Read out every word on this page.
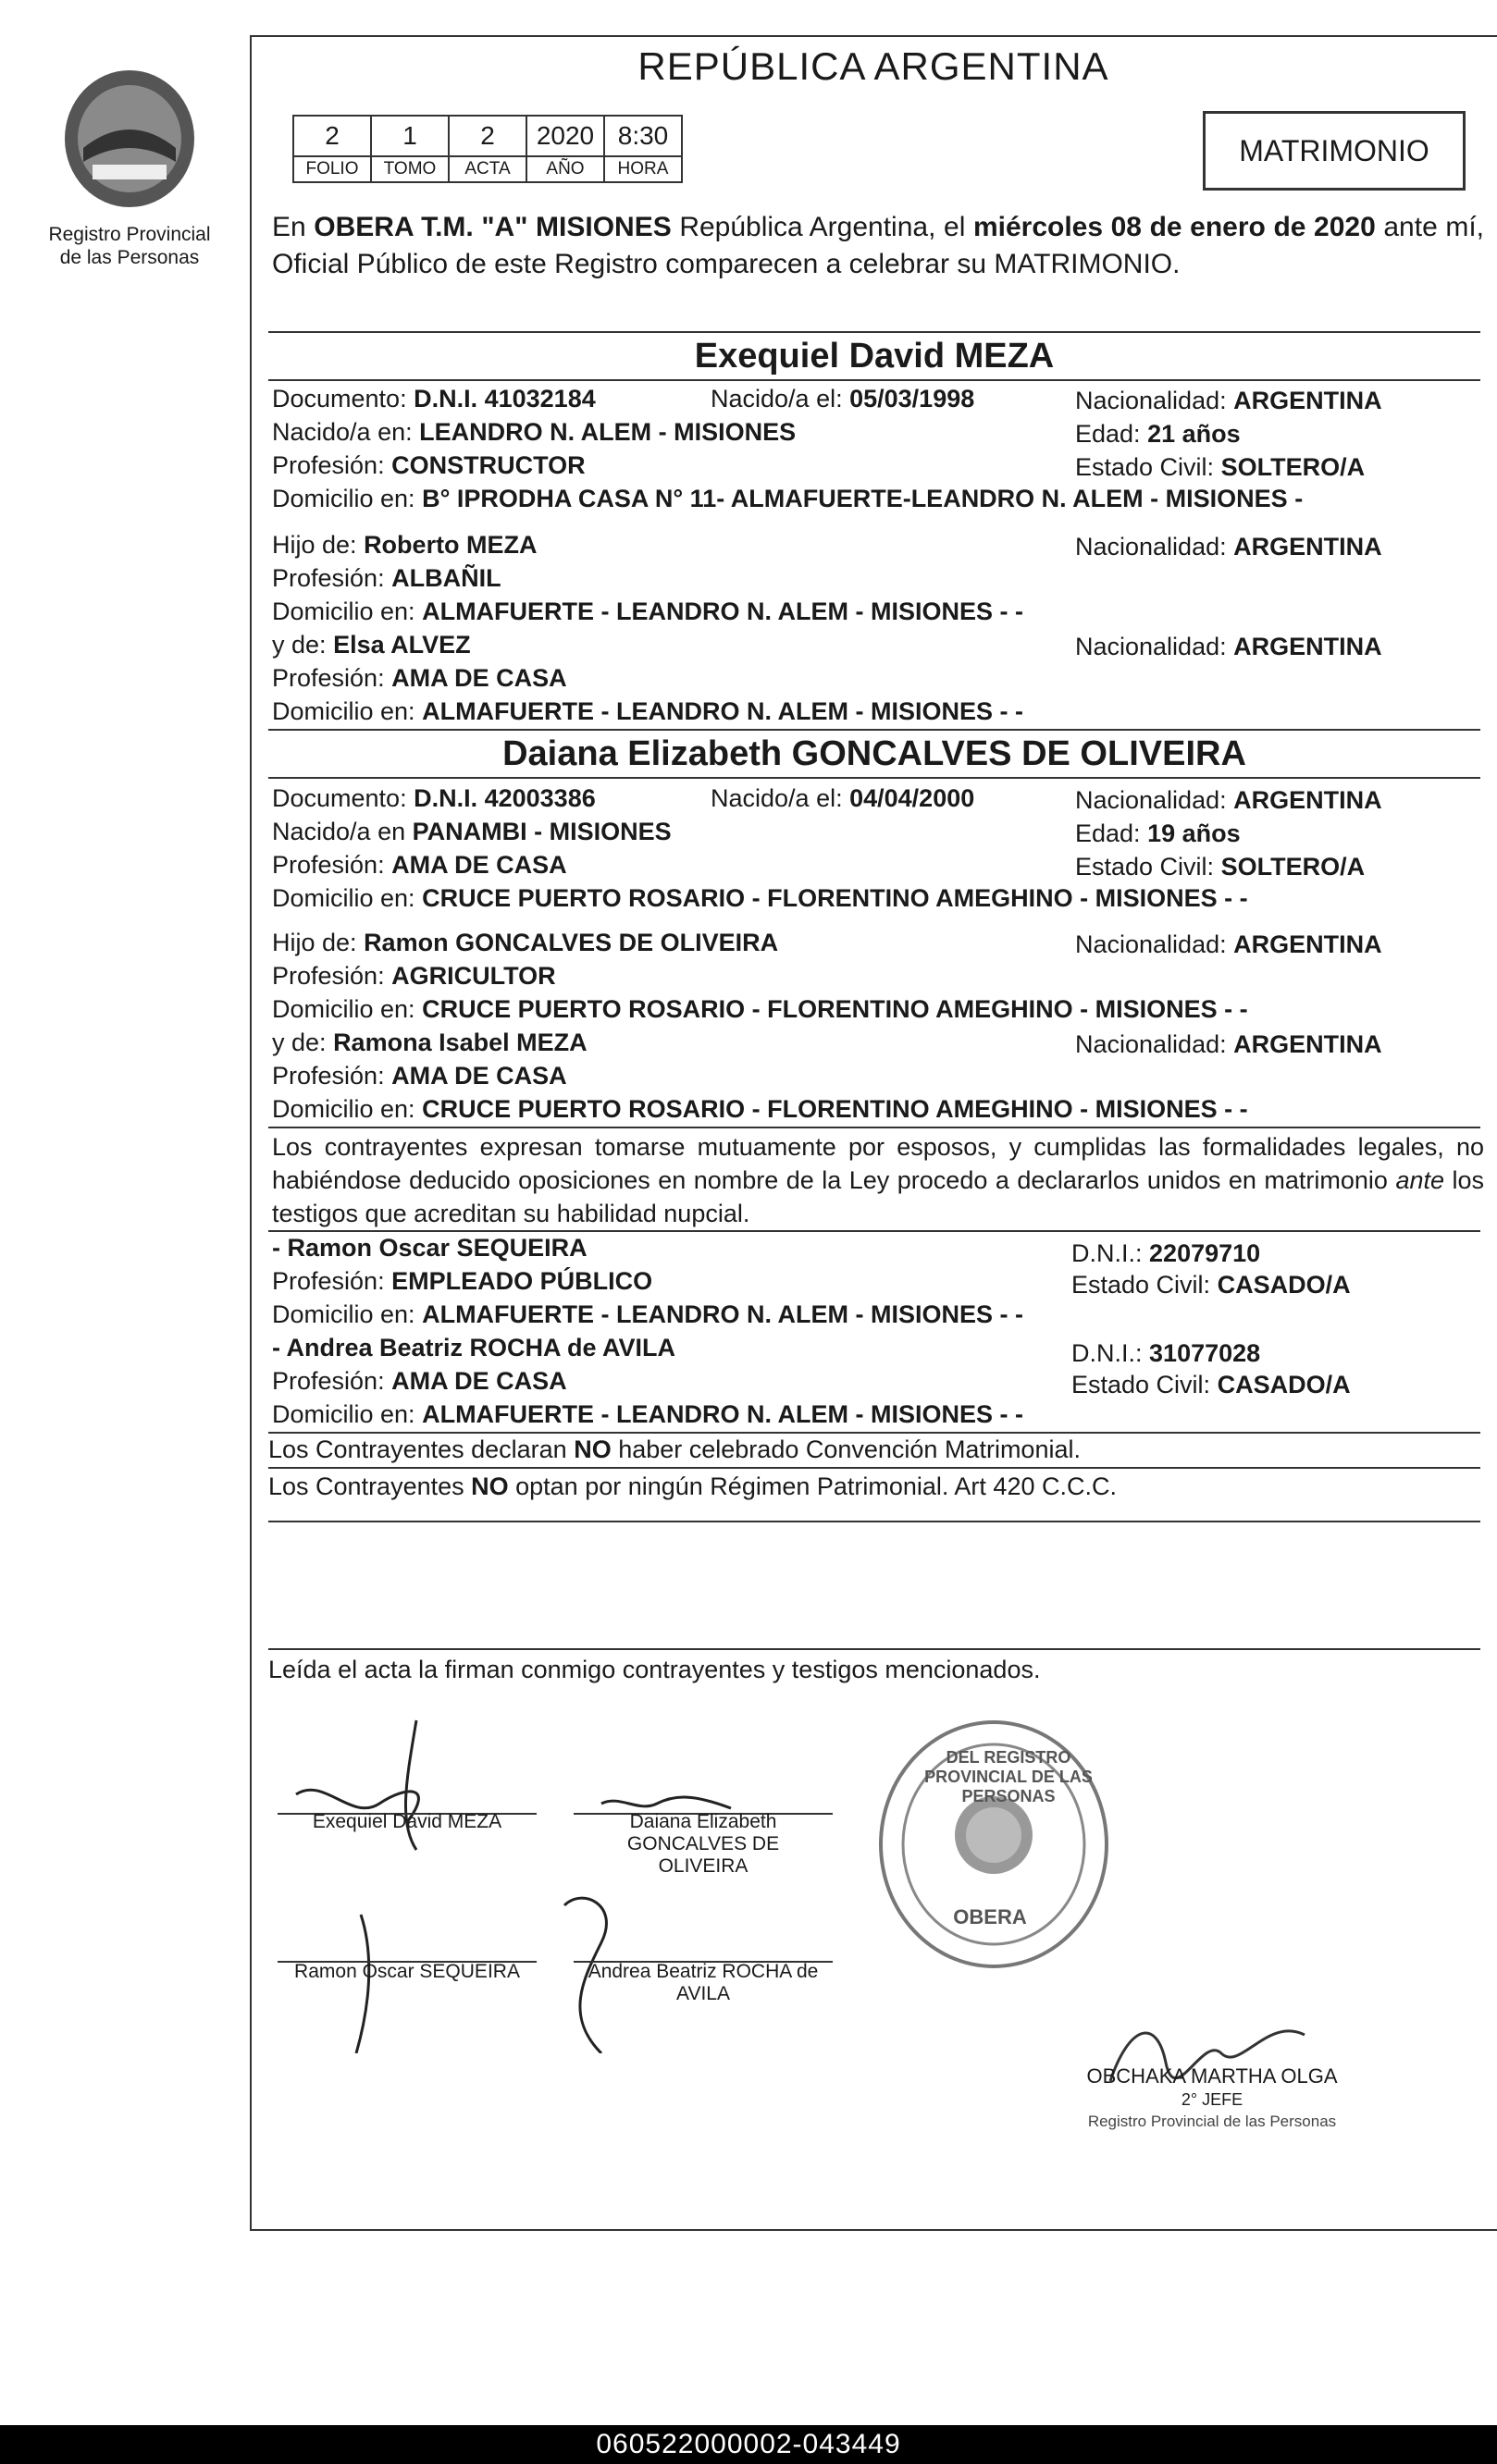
Registro Provincial
de las Personas
REPÚBLICA ARGENTINA
2	1	2	2020	8:30
FOLIO	TOMO	ACTA	AÑO	HORA
MATRIMONIO
En OBERA T.M. "A" MISIONES República Argentina, el miércoles 08 de enero de 2020 ante mí, Oficial Público de este Registro comparecen a celebrar su MATRIMONIO.
Exequiel David MEZA
Documento: D.N.I. 41032184	Nacido/a el: 05/03/1998	Nacionalidad: ARGENTINA
Nacido/a en: LEANDRO N. ALEM - MISIONES	Edad: 21 años
Profesión: CONSTRUCTOR	Estado Civil: SOLTERO/A
Domicilio en: B° IPRODHA CASA N° 11- ALMAFUERTE-LEANDRO N. ALEM - MISIONES -
Hijo de: Roberto MEZA	Nacionalidad: ARGENTINA
Profesión: ALBAÑIL
Domicilio en: ALMAFUERTE - LEANDRO N. ALEM - MISIONES - -
y de: Elsa ALVEZ	Nacionalidad: ARGENTINA
Profesión: AMA DE CASA
Domicilio en: ALMAFUERTE - LEANDRO N. ALEM - MISIONES - -
Daiana Elizabeth GONCALVES DE OLIVEIRA
Documento: D.N.I. 42003386	Nacido/a el: 04/04/2000	Nacionalidad: ARGENTINA
Nacido/a en PANAMBI - MISIONES	Edad: 19 años
Profesión: AMA DE CASA	Estado Civil: SOLTERO/A
Domicilio en: CRUCE PUERTO ROSARIO - FLORENTINO AMEGHINO - MISIONES - -
Hijo de: Ramon GONCALVES DE OLIVEIRA	Nacionalidad: ARGENTINA
Profesión: AGRICULTOR
Domicilio en: CRUCE PUERTO ROSARIO - FLORENTINO AMEGHINO - MISIONES - -
y de: Ramona Isabel MEZA	Nacionalidad: ARGENTINA
Profesión: AMA DE CASA
Domicilio en: CRUCE PUERTO ROSARIO - FLORENTINO AMEGHINO - MISIONES - -
Los contrayentes expresan tomarse mutuamente por esposos, y cumplidas las formalidades legales, no habiéndose deducido oposiciones en nombre de la Ley procedo a declararlos unidos en matrimonio ante los testigos que acreditan su habilidad nupcial.
- Ramon Oscar SEQUEIRA	D.N.I.: 22079710
Profesión: EMPLEADO PÚBLICO	Estado Civil: CASADO/A
Domicilio en: ALMAFUERTE - LEANDRO N. ALEM - MISIONES - -
- Andrea Beatriz ROCHA de AVILA	D.N.I.: 31077028
Profesión: AMA DE CASA	Estado Civil: CASADO/A
Domicilio en: ALMAFUERTE - LEANDRO N. ALEM - MISIONES - -
Los Contrayentes declaran NO haber celebrado Convención Matrimonial.
Los Contrayentes NO optan por ningún Régimen Patrimonial. Art 420 C.C.C.
Leída el acta la firman conmigo contrayentes y testigos mencionados.
Exequiel David MEZA	Daiana Elizabeth
GONCALVES DE
OLIVEIRA
Ramon Oscar SEQUEIRA	Andrea Beatriz ROCHA de
AVILA
DEL REGISTRO PROVINCIAL DE LAS PERSONAS
OBERA
OBCHAKA MARTHA OLGA
2° JEFE
Registro Provincial de las Personas
060522000002-043449
